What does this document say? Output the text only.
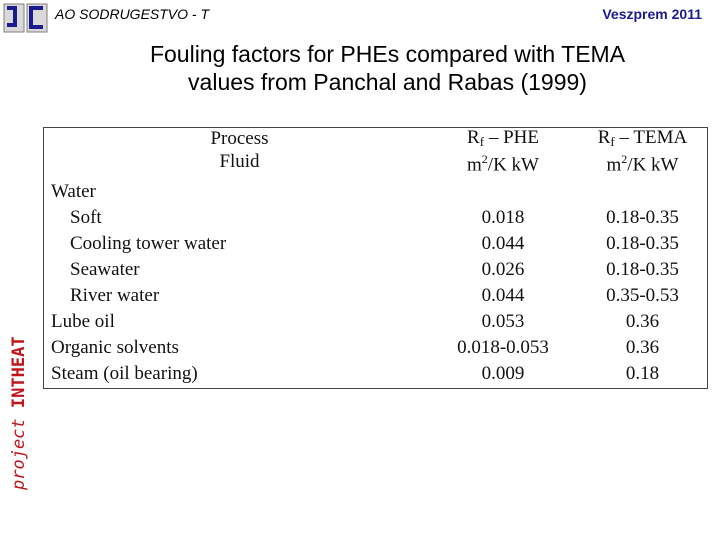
AO SODRUGESTVO - T	Veszprem 2011
Fouling factors for PHEs compared with TEMA
values from Panchal and Rabas (1999)
project INTHEAT
Process	$R_f$ – PHE	$R_f$ – TEMA
Fluid	$m^2/K$ kW	$m^2/K$ kW
Water		
Soft	0.018	0.18-0.35
Cooling tower water	0.044	0.18-0.35
Seawater	0.026	0.18-0.35
River water	0.044	0.35-0.53
Lube oil	0.053	0.36
Organic solvents	0.018-0.053	0.36
Steam (oil bearing)	0.009	0.18
